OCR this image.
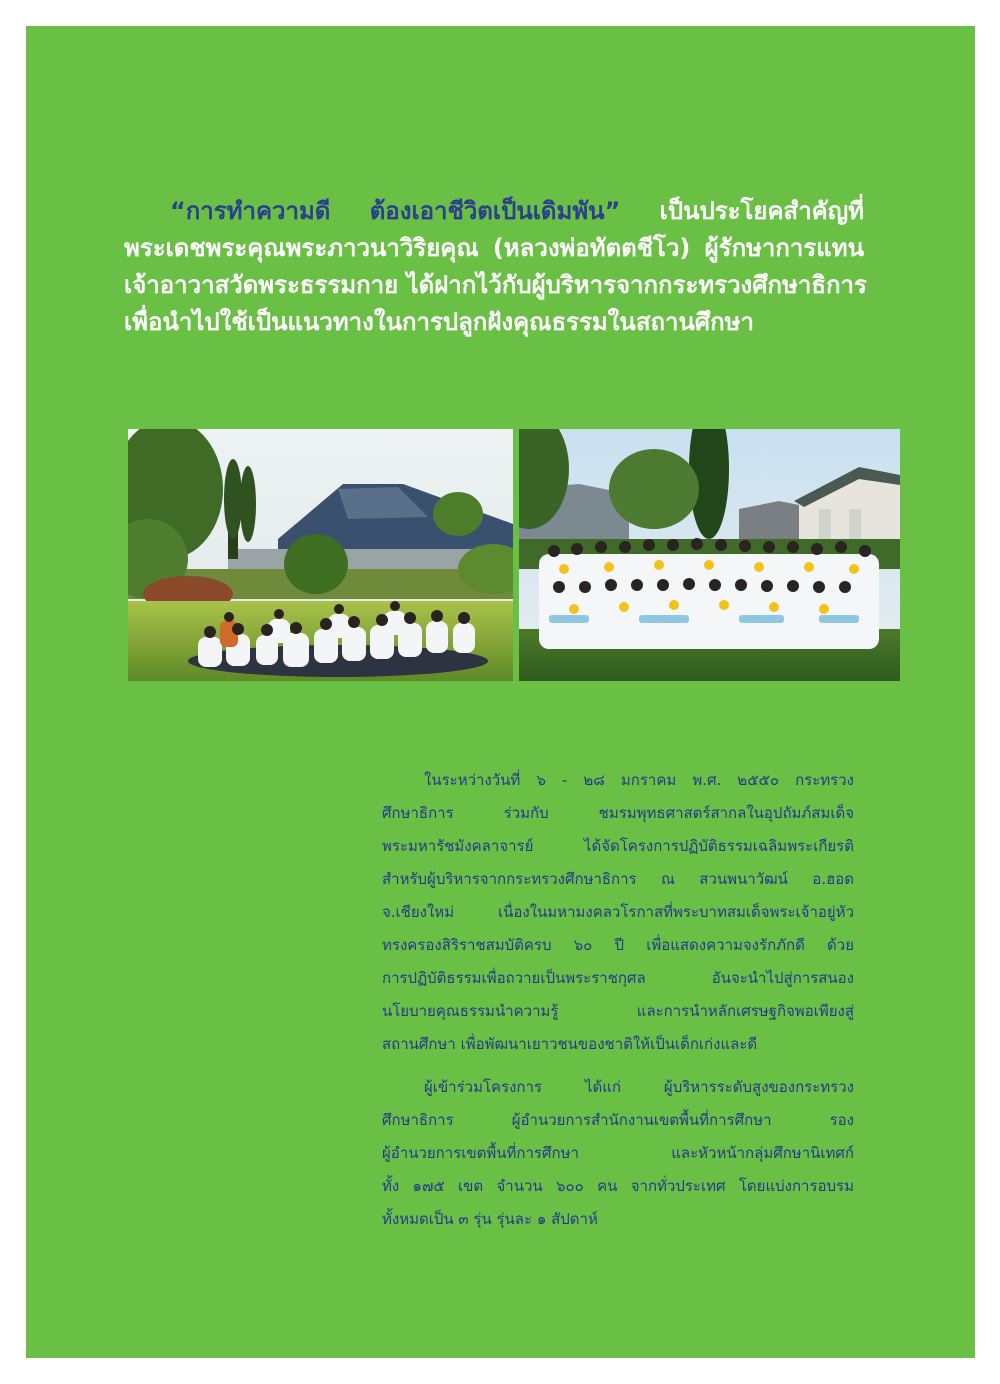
“การทำความดี ต้องเอาชีวิตเป็นเดิมพัน” เป็นประโยคสำคัญที่
พระเดชพระคุณพระภาวนาวิริยคุณ (หลวงพ่อทัตตชีโว) ผู้รักษาการแทน
เจ้าอาวาสวัดพระธรรมกาย ได้ฝากไว้กับผู้บริหารจากกระทรวงศึกษาธิการ
เพื่อนำไปใช้เป็นแนวทางในการปลูกฝังคุณธรรมในสถานศึกษา

ในระหว่างวันที่ ๖ - ๒๘ มกราคม พ.ศ. ๒๕๕๐ กระทรวง
ศึกษาธิการ ร่วมกับ ชมรมพุทธศาสตร์สากลในอุปถัมภ์สมเด็จ
พระมหารัชมังคลาจารย์ ได้จัดโครงการปฏิบัติธรรมเฉลิมพระเกียรติ
สำหรับผู้บริหารจากกระทรวงศึกษาธิการ ณ สวนพนาวัฒน์ อ.ฮอด
จ.เชียงใหม่ เนื่องในมหามงคลวโรกาสที่พระบาทสมเด็จพระเจ้าอยู่หัว
ทรงครองสิริราชสมบัติครบ ๖๐ ปี เพื่อแสดงความจงรักภักดี ด้วย
การปฏิบัติธรรมเพื่อถวายเป็นพระราชกุศล อันจะนำไปสู่การสนอง
นโยบายคุณธรรมนำความรู้ และการนำหลักเศรษฐกิจพอเพียงสู่
สถานศึกษา เพื่อพัฒนาเยาวชนของชาติให้เป็นเด็กเก่งและดี

ผู้เข้าร่วมโครงการ ได้แก่ ผู้บริหารระดับสูงของกระทรวง
ศึกษาธิการ ผู้อำนวยการสำนักงานเขตพื้นที่การศึกษา รอง
ผู้อำนวยการเขตพื้นที่การศึกษา และหัวหน้ากลุ่มศึกษานิเทศก์
ทั้ง ๑๗๕ เขต จำนวน ๖๐๐ คน จากทั่วประเทศ โดยแบ่งการอบรม
ทั้งหมดเป็น ๓ รุ่น รุ่นละ ๑ สัปดาห์
